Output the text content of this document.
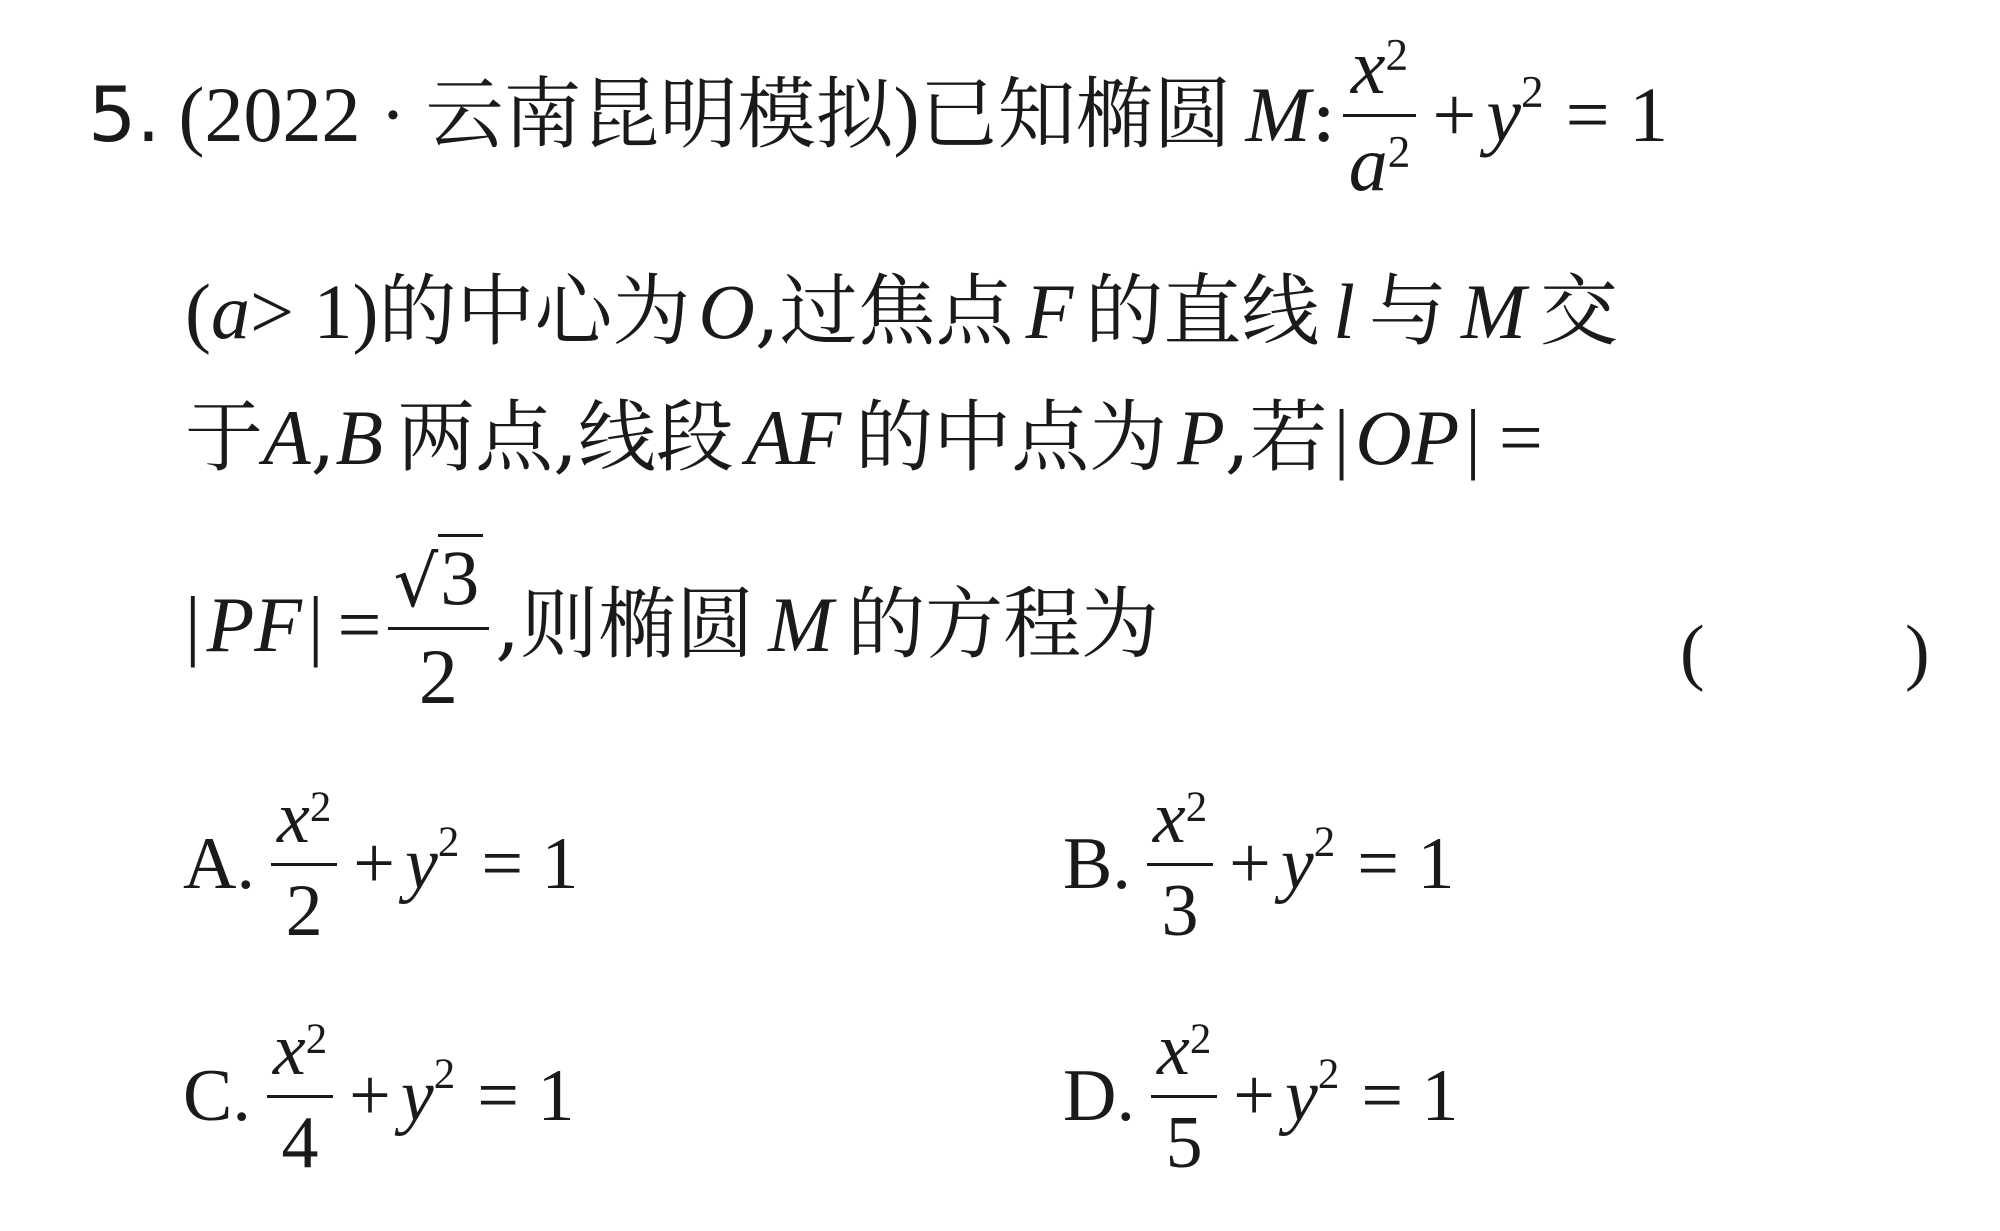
5. (2022 · 云南昆明模拟) 已知椭圆 M : $\frac{x^2}{a^2} + y^2 = 1$
( a > 1) 的中心为 O ,过焦点 F 的直线 l 与 M 交
于 A , B 两点,线段 AF 的中点为 P ,若 | OP | =
| PF | = $\frac{√ 3}{2}$ ,则椭圆 M 的方程为	(	)
A. $\frac{x^2}{2} + y^2 = 1$	B. $\frac{x^2}{3} + y^2 = 1$
C. $\frac{x^2}{4} + y^2 = 1$	D. $\frac{x^2}{5} + y^2 = 1$
